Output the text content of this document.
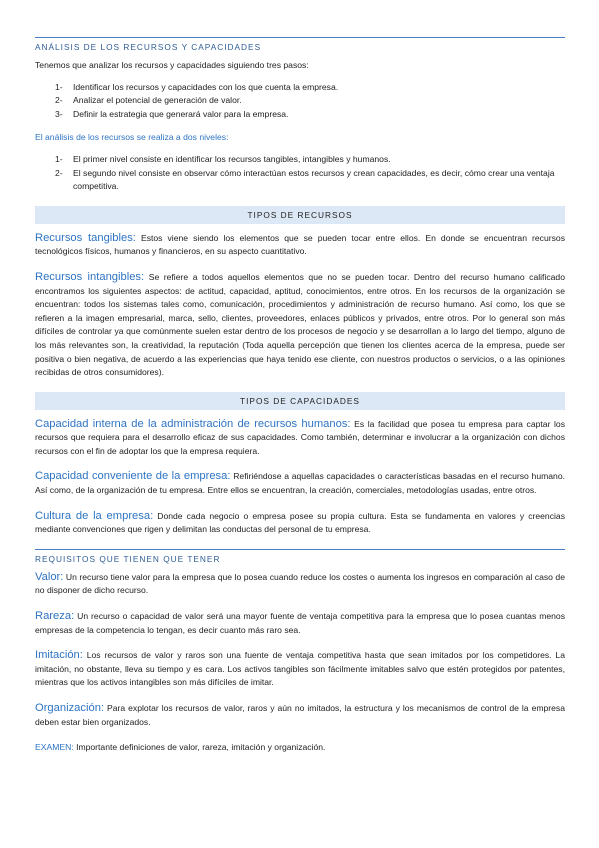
ANÁLISIS DE LOS RECURSOS Y CAPACIDADES

Tenemos que analizar los recursos y capacidades siguiendo tres pasos:

1-	Identificar los recursos y capacidades con los que cuenta la empresa.
2-	Analizar el potencial de generación de valor.
3-	Definir la estrategia que generará valor para la empresa.

El análisis de los recursos se realiza a dos niveles:

1-	El primer nivel consiste en identificar los recursos tangibles, intangibles y humanos.
2-	El segundo nivel consiste en observar cómo interactúan estos recursos y crean capacidades, es decir, cómo crear una ventaja competitiva.
TIPOS DE RECURSOS

Recursos tangibles: Estos viene siendo los elementos que se pueden tocar entre ellos. En donde se encuentran recursos tecnológicos físicos, humanos y financieros, en su aspecto cuantitativo.

Recursos intangibles: Se refiere a todos aquellos elementos que no se pueden tocar. Dentro del recurso humano calificado encontramos los siguientes aspectos: de actitud, capacidad, aptitud, conocimientos, entre otros. En los recursos de la organización se encuentran: todos los sistemas tales como, comunicación, procedimientos y administración de recurso humano. Así como, los que se refieren a la imagen empresarial, marca, sello, clientes, proveedores, enlaces públicos y privados, entre otros. Por lo general son más difíciles de controlar ya que comúnmente suelen estar dentro de los procesos de negocio y se desarrollan a lo largo del tiempo, alguno de los más relevantes son, la creatividad, la reputación (Toda aquella percepción que tienen los clientes acerca de la empresa, puede ser positiva o bien negativa, de acuerdo a las experiencias que haya tenido ese cliente, con nuestros productos o servicios, o a las opiniones recibidas de otros consumidores).

TIPOS DE CAPACIDADES

Capacidad interna de la administración de recursos humanos: Es la facilidad que posea tu empresa para captar los recursos que requiera para el desarrollo eficaz de sus capacidades. Como también, determinar e involucrar a la organización con dichos recursos con el fin de adoptar los que la empresa requiera.

Capacidad conveniente de la empresa: Refiriéndose a aquellas capacidades o características basadas en el recurso humano. Así como, de la organización de tu empresa. Entre ellos se encuentran, la creación, comerciales, metodologías usadas, entre otros.

Cultura de la empresa: Donde cada negocio o empresa posee su propia cultura. Esta se fundamenta en valores y creencias mediante convenciones que rigen y delimitan las conductas del personal de tu empresa.

REQUISITOS QUE TIENEN QUE TENER

Valor: Un recurso tiene valor para la empresa que lo posea cuando reduce los costes o aumenta los ingresos en comparación al caso de no disponer de dicho recurso.

Rareza: Un recurso o capacidad de valor será una mayor fuente de ventaja competitiva para la empresa que lo posea cuantas menos empresas de la competencia lo tengan, es decir cuanto más raro sea.

Imitación: Los recursos de valor y raros son una fuente de ventaja competitiva hasta que sean imitados por los competidores. La imitación, no obstante, lleva su tiempo y es cara. Los activos tangibles son fácilmente imitables salvo que estén protegidos por patentes, mientras que los activos intangibles son más difíciles de imitar.

Organización: Para explotar los recursos de valor, raros y aún no imitados, la estructura y los mecanismos de control de la empresa deben estar bien organizados.

EXAMEN: Importante definiciones de valor, rareza, imitación y organización.
